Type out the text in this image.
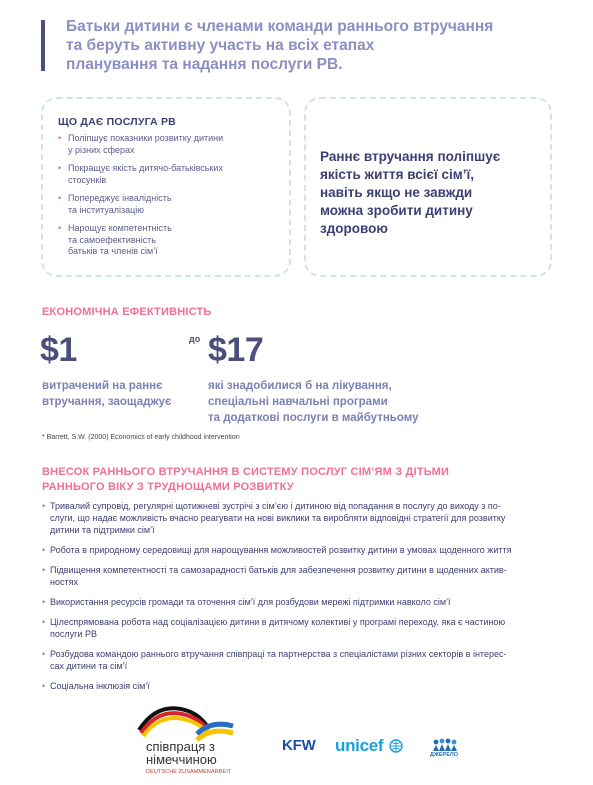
Батьки дитини є членами команди раннього втручання
та беруть активну участь на всіх етапах
планування та надання послуги РВ.

ЩО ДАЄ ПОСЛУГА РВ

• Поліпшує показники розвитку дитини
у різних сферах
• Покращує якість дитячо-батьківських
стосунків
• Попереджує інвалідність
та інституалізацію
• Нарощує компетентність
та самоефективність
батьків та членів сім’ї

Раннє втручання поліпшує
якість життя всієї сім’ї,
навіть якщо не завжди
можна зробити дитину
здоровою

ЕКОНОМІЧНА ЕФЕКТИВНІСТЬ

$1	до $17

витрачений на раннє
втручання, заощаджує

які знадобилися б на лікування,
спеціальні навчальні програми
та додаткові послуги в майбутньому

* Barrett, S.W. (2000) Economics of early childhood intervention

ВНЕСОК РАННЬОГО ВТРУЧАННЯ В СИСТЕМУ ПОСЛУГ СІМ’ЯМ З ДІТЬМИ
РАННЬОГО ВІКУ З ТРУДНОЩАМИ РОЗВИТКУ

• Тривалий супровід, регулярні щотижневі зустрічі з сім’єю і дитиною від попадання в послугу до виходу з по-
слуги, що надає можливість вчасно реагувати на нові виклики та виробляти відповідні стратегії для розвитку
дитини та підтримки сім’ї
• Робота в природному середовищі для нарощування можливостей розвитку дитини в умовах щоденного життя
• Підвищення компетентності та самозарадності батьків для забезпечення розвитку дитини в щоденних актив-
ностях
• Використання ресурсів громади та оточення сім’ї для розбудови мережі підтримки навколо сім’ї
• Цілеспрямована робота над соціалізацією дитини в дитячому колективі у програмі переходу, яка є частиною
послуги РВ
• Розбудова командою раннього втручання співпраці та партнерства з спеціалістами різних секторів в інтерес-
сах дитини та сім’ї
• Соціальна інклюзія сім’ї

співпраця з
німеччиною
DEUTSCHE ZUSAMMENARBEIT

KFW unicef	ДЖЕРЕЛО
